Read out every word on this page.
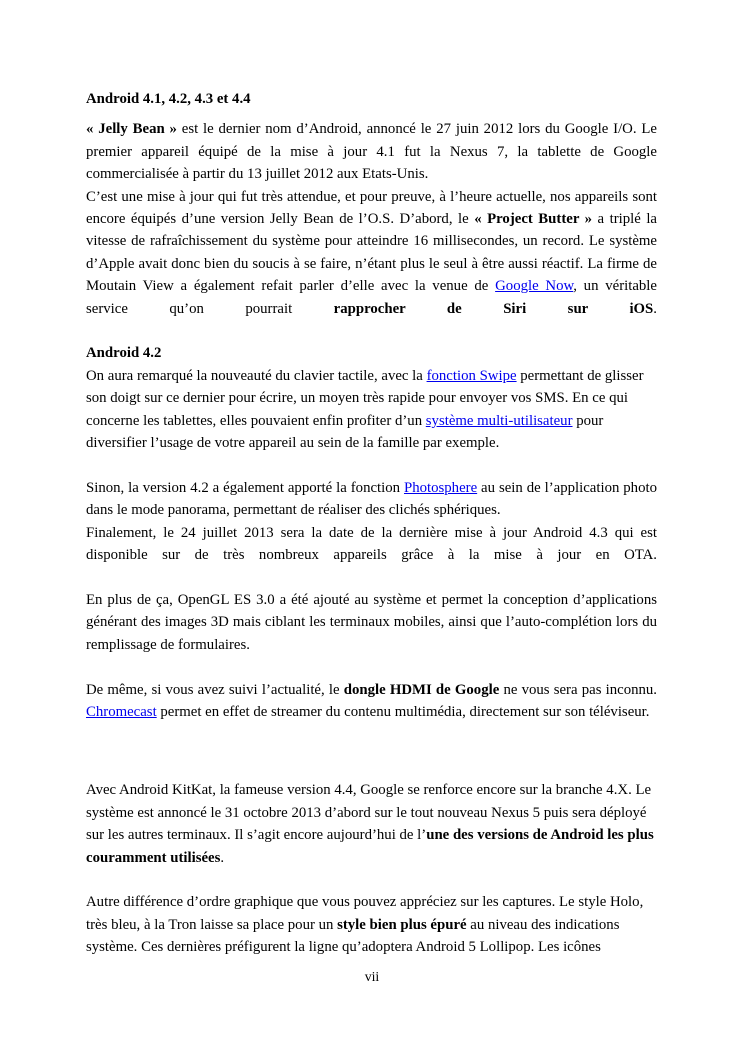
Android 4.1, 4.2, 4.3 et 4.4

« Jelly Bean » est le dernier nom d’Android, annoncé le 27 juin 2012 lors du Google I/O. Le premier appareil équipé de la mise à jour 4.1 fut la Nexus 7, la tablette de Google commercialisée à partir du 13 juillet 2012 aux Etats-Unis.

C’est une mise à jour qui fut très attendue, et pour preuve, à l’heure actuelle, nos appareils sont encore équipés d’une version Jelly Bean de l’O.S. D’abord, le « Project Butter » a triplé la vitesse de rafraîchissement du système pour atteindre 16 millisecondes, un record. Le système d’Apple avait donc bien du soucis à se faire, n’étant plus le seul à être aussi réactif. La firme de Moutain View a également refait parler d’elle avec la venue de Google Now, un véritable service qu’on pourrait rapprocher de Siri sur iOS.

Android 4.2

On aura remarqué la nouveauté du clavier tactile, avec la fonction Swipe permettant de glisser son doigt sur ce dernier pour écrire, un moyen très rapide pour envoyer vos SMS. En ce qui concerne les tablettes, elles pouvaient enfin profiter d’un système multi-utilisateur pour diversifier l’usage de votre appareil au sein de la famille par exemple.

Sinon, la version 4.2 a également apporté la fonction Photosphere au sein de l’application photo dans le mode panorama, permettant de réaliser des clichés sphériques.

Finalement, le 24 juillet 2013 sera la date de la dernière mise à jour Android 4.3 qui est disponible sur de très nombreux appareils grâce à la mise à jour en OTA.

En plus de ça, OpenGL ES 3.0 a été ajouté au système et permet la conception d’applications générant des images 3D mais ciblant les terminaux mobiles, ainsi que l’auto-complétion lors du remplissage de formulaires.

De même, si vous avez suivi l’actualité, le dongle HDMI de Google ne vous sera pas inconnu. Chromecast permet en effet de streamer du contenu multimédia, directement sur son téléviseur.

Avec Android KitKat, la fameuse version 4.4, Google se renforce encore sur la branche 4.X. Le système est annoncé le 31 octobre 2013 d’abord sur le tout nouveau Nexus 5 puis sera déployé sur les autres terminaux. Il s’agit encore aujourd’hui de l’une des versions de Android les plus couramment utilisées.

Autre différence d’ordre graphique que vous pouvez appréciez sur les captures. Le style Holo, très bleu, à la Tron laisse sa place pour un style bien plus épuré au niveau des indications système. Ces dernières préfigurent la ligne qu’adoptera Android 5 Lollipop. Les icônes

vii
